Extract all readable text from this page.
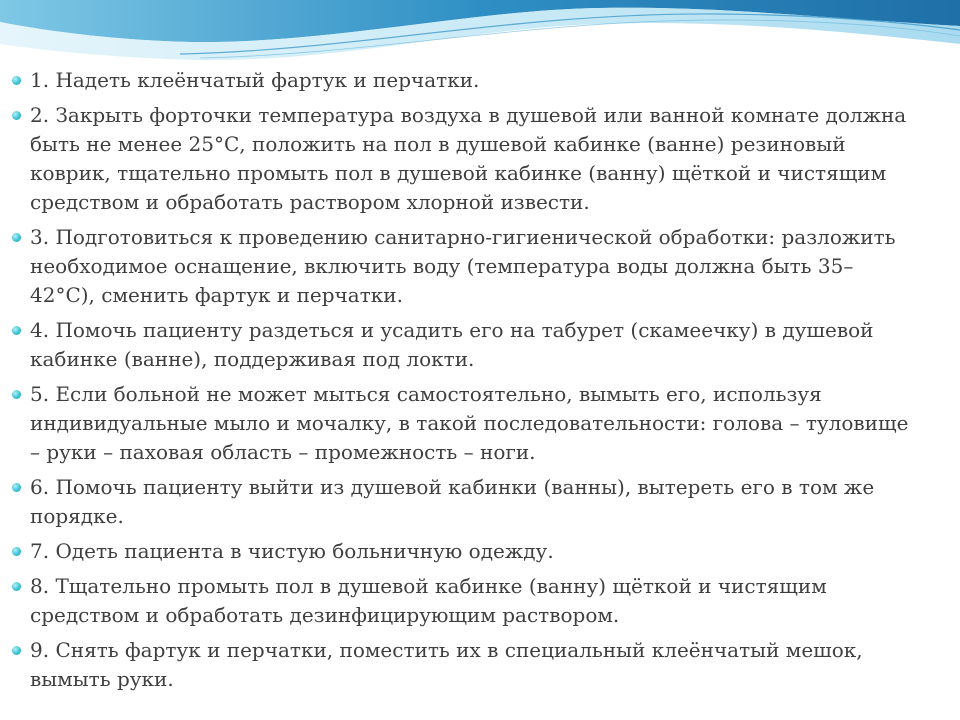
1. Надеть клеёнчатый фартук и перчатки.
2. Закрыть форточки температура воздуха в душевой или ванной комнате должна быть не менее 25°С, положить на пол в душевой кабинке (ванне) резиновый коврик, тщательно промыть пол в душевой кабинке (ванну) щёткой и чистящим средством и обработать раствором хлорной извести.
3. Подготовиться к проведению санитарно-гигиенической обработки: разложить необходимое оснащение, включить воду (температура воды должна быть 35–42°С), сменить фартук и перчатки.
4. Помочь пациенту раздеться и усадить его на табурет (скамеечку) в душевой кабинке (ванне), поддерживая под локти.
5. Если больной не может мыться самостоятельно, вымыть его, используя индивидуальные мыло и мочалку, в такой последовательности: голова – туловище – руки – паховая область – промежность – ноги.
6. Помочь пациенту выйти из душевой кабинки (ванны), вытереть его в том же порядке.
7. Одеть пациента в чистую больничную одежду.
8. Тщательно промыть пол в душевой кабинке (ванну) щёткой и чистящим средством и обработать дезинфицирующим раствором.
9. Снять фартук и перчатки, поместить их в специальный клеёнчатый мешок, вымыть руки.
